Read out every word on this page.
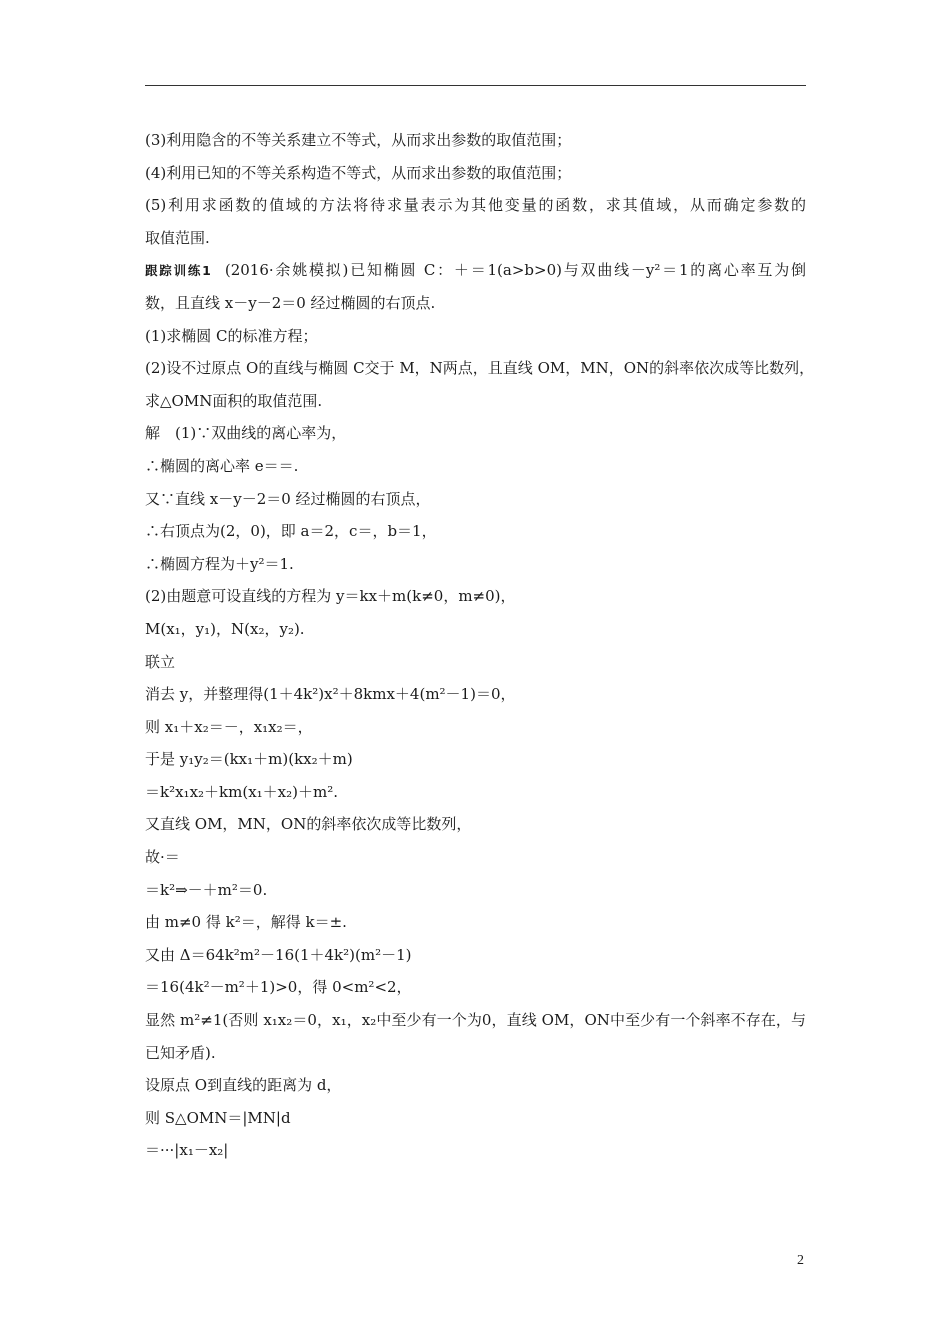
(3)利用隐含的不等关系建立不等式，从而求出参数的取值范围；
(4)利用已知的不等关系构造不等式，从而求出参数的取值范围；
(5)利用求函数的值域的方法将待求量表示为其他变量的函数，求其值域，从而确定参数的
取值范围.
跟踪训练1 (2016·余姚模拟)已知椭圆 C：＋＝1(a>b>0)与双曲线－y²＝1的离心率互为倒
数，且直线 x－y－2＝0 经过椭圆的右顶点.
(1)求椭圆 C的标准方程；
(2)设不过原点 O的直线与椭圆 C交于 M，N两点，且直线 OM，MN，ON的斜率依次成等比数列，
求△OMN面积的取值范围.
解　(1)∵双曲线的离心率为，
∴椭圆的离心率 e＝＝.
又∵直线 x－y－2＝0 经过椭圆的右顶点，
∴右顶点为(2，0)，即 a＝2，c＝，b＝1，
∴椭圆方程为＋y²＝1.
(2)由题意可设直线的方程为 y＝kx＋m(k≠0，m≠0)，
M(x₁，y₁)，N(x₂，y₂).
联立
消去 y，并整理得(1＋4k²)x²＋8kmx＋4(m²－1)＝0，
则 x₁＋x₂＝－，x₁x₂＝，
于是 y₁y₂＝(kx₁＋m)(kx₂＋m)
＝k²x₁x₂＋km(x₁＋x₂)＋m².
又直线 OM，MN，ON的斜率依次成等比数列，
故·＝
＝k²⇒－＋m²＝0.
由 m≠0 得 k²＝，解得 k＝±.
又由 Δ＝64k²m²－16(1＋4k²)(m²－1)
＝16(4k²－m²＋1)>0，得 0<m²<2，
显然 m²≠1(否则 x₁x₂＝0，x₁，x₂中至少有一个为0，直线 OM，ON中至少有一个斜率不存在，与
已知矛盾).
设原点 O到直线的距离为 d，
则 S△OMN＝|MN|d
＝···|x₁－x₂|
2
